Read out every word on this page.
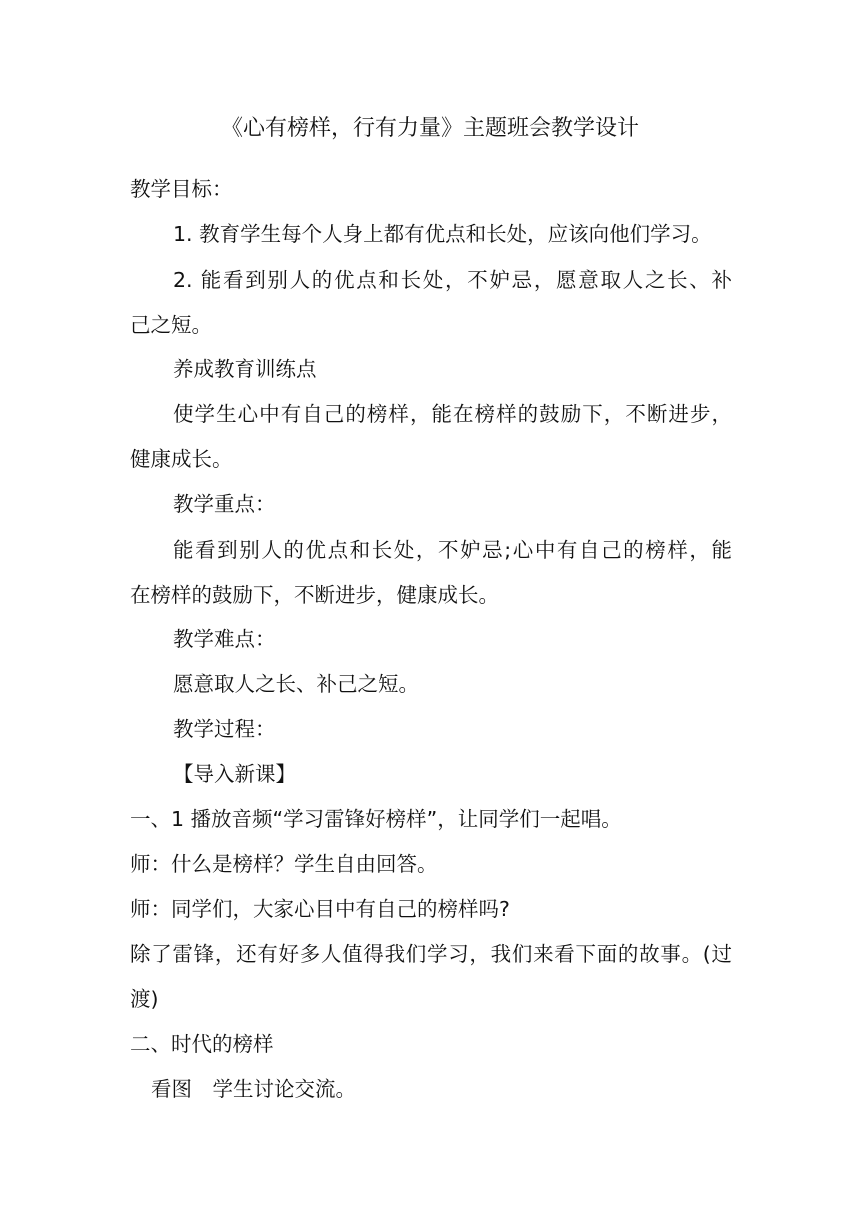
《心有榜样，行有力量》主题班会教学设计
教学目标：
1. 教育学生每个人身上都有优点和长处，应该向他们学习。
2. 能看到别人的优点和长处，不妒忌，愿意取人之长、补
己之短。
养成教育训练点
使学生心中有自己的榜样，能在榜样的鼓励下，不断进步，
健康成长。
教学重点：
能看到别人的优点和长处，不妒忌;心中有自己的榜样，能
在榜样的鼓励下，不断进步，健康成长。
教学难点：
愿意取人之长、补己之短。
教学过程：
【导入新课】
一、1 播放音频“学习雷锋好榜样”，让同学们一起唱。
师：什么是榜样？学生自由回答。
师：同学们，大家心目中有自己的榜样吗?
除了雷锋，还有好多人值得我们学习，我们来看下面的故事。(过
渡)
二、时代的榜样
看图　学生讨论交流。
